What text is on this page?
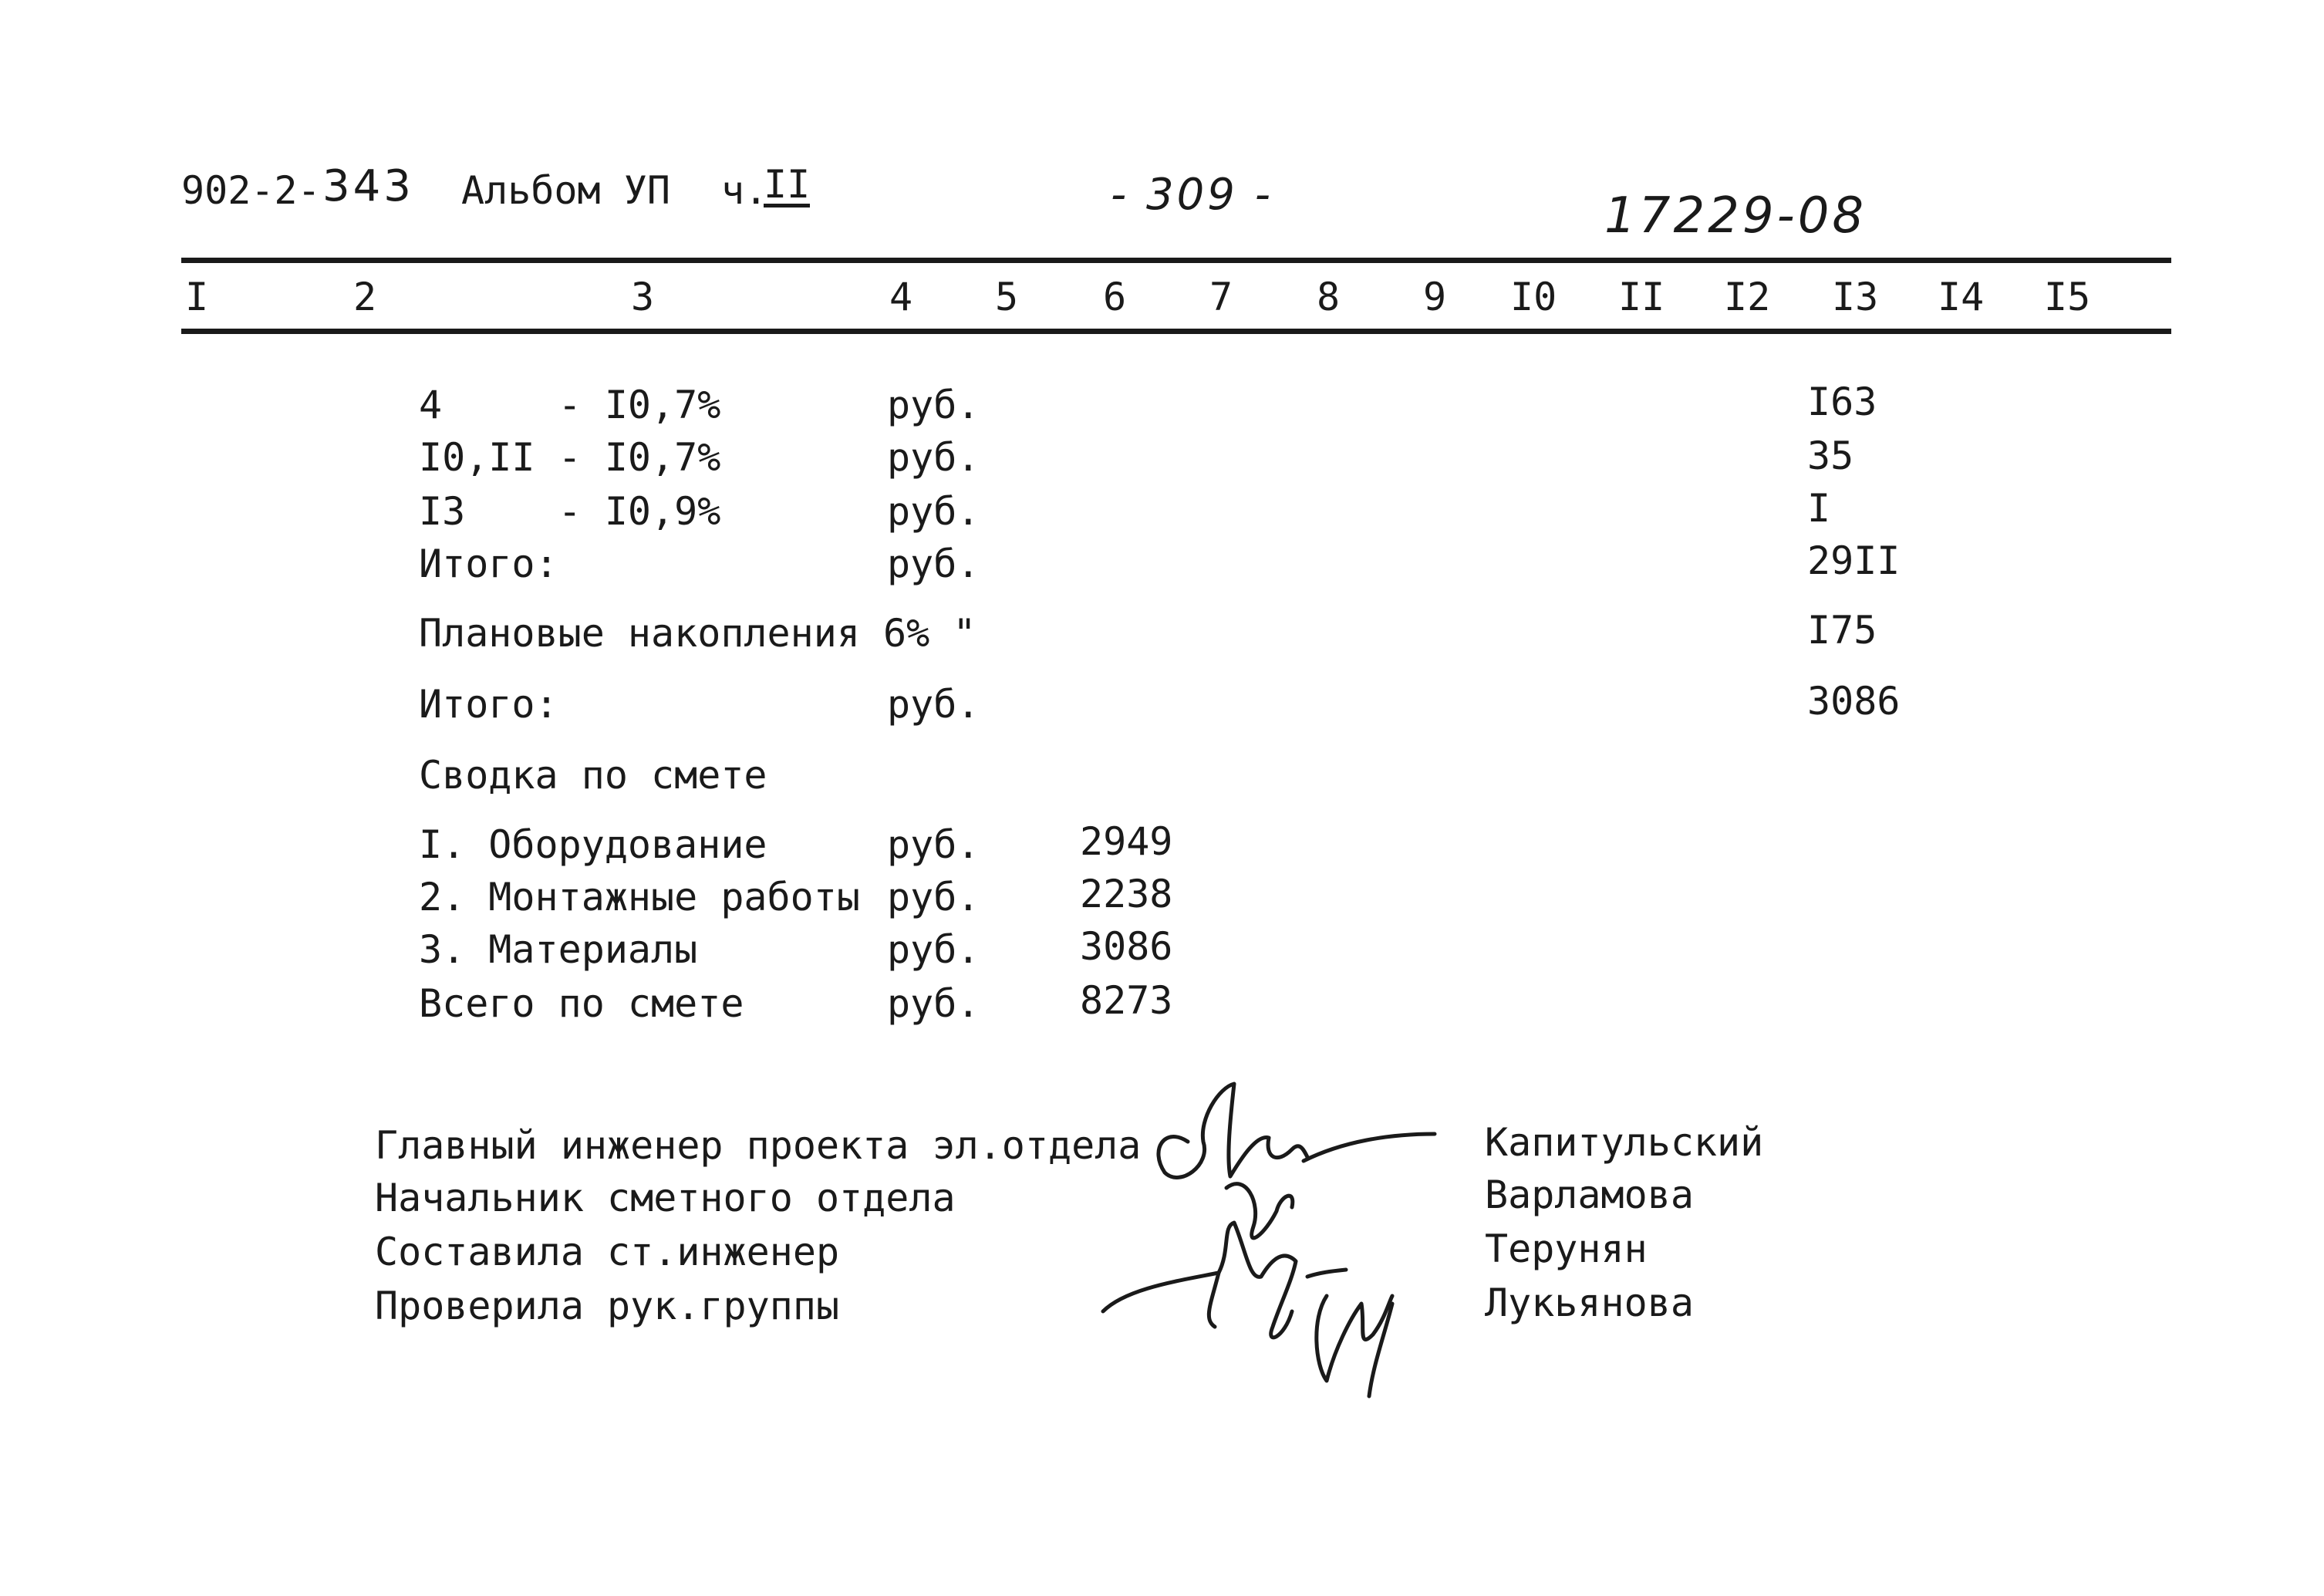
902-2- 343 Альбом УП ч.
II	- 309 -	17229-08
I	2	3	4 5 6 7 8 9 I0 II I2 I3 I4 I5
4     - I0,7%	руб.	I63
I0,II - I0,7%	руб.	35
I3    - I0,9%	руб.	I
Итого:	руб.	29II
Плановые накопления 6% "	I75
Итого:	руб.	3086
Сводка по смете
I. Оборудование	руб.	2949
2. Монтажные работы руб.	2238
3. Материалы	руб.	3086
Всего по смете	руб.	8273
Главный инженер проекта эл.отдела	Капитульский
Начальник сметного отдела	Варламова
Составила ст.инженер	Терунян
Проверила рук.группы	Лукьянова
